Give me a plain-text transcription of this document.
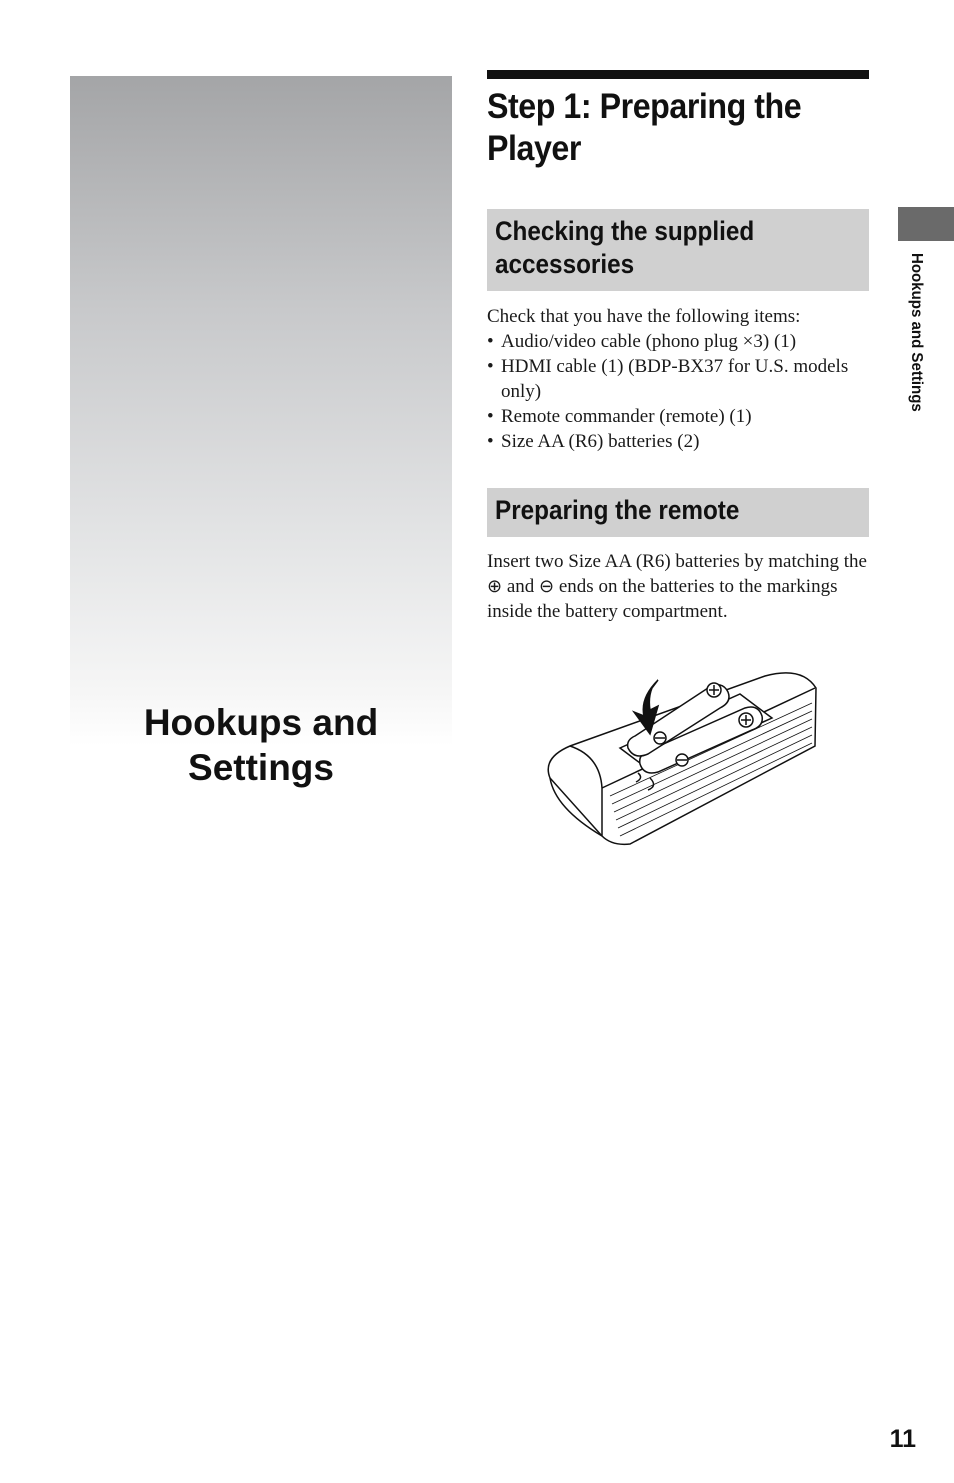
Hookups and
Settings
Step 1: Preparing the
Player
Checking the supplied
accessories
Check that you have the following items:
• Audio/video cable (phono plug ×3) (1)
• HDMI cable (1) (BDP-BX37 for U.S. models only)
• Remote commander (remote) (1)
• Size AA (R6) batteries (2)
Preparing the remote
Insert two Size AA (R6) batteries by matching the ⊕ and ⊖ ends on the batteries to the markings inside the battery compartment.
Hookups and Settings
11
